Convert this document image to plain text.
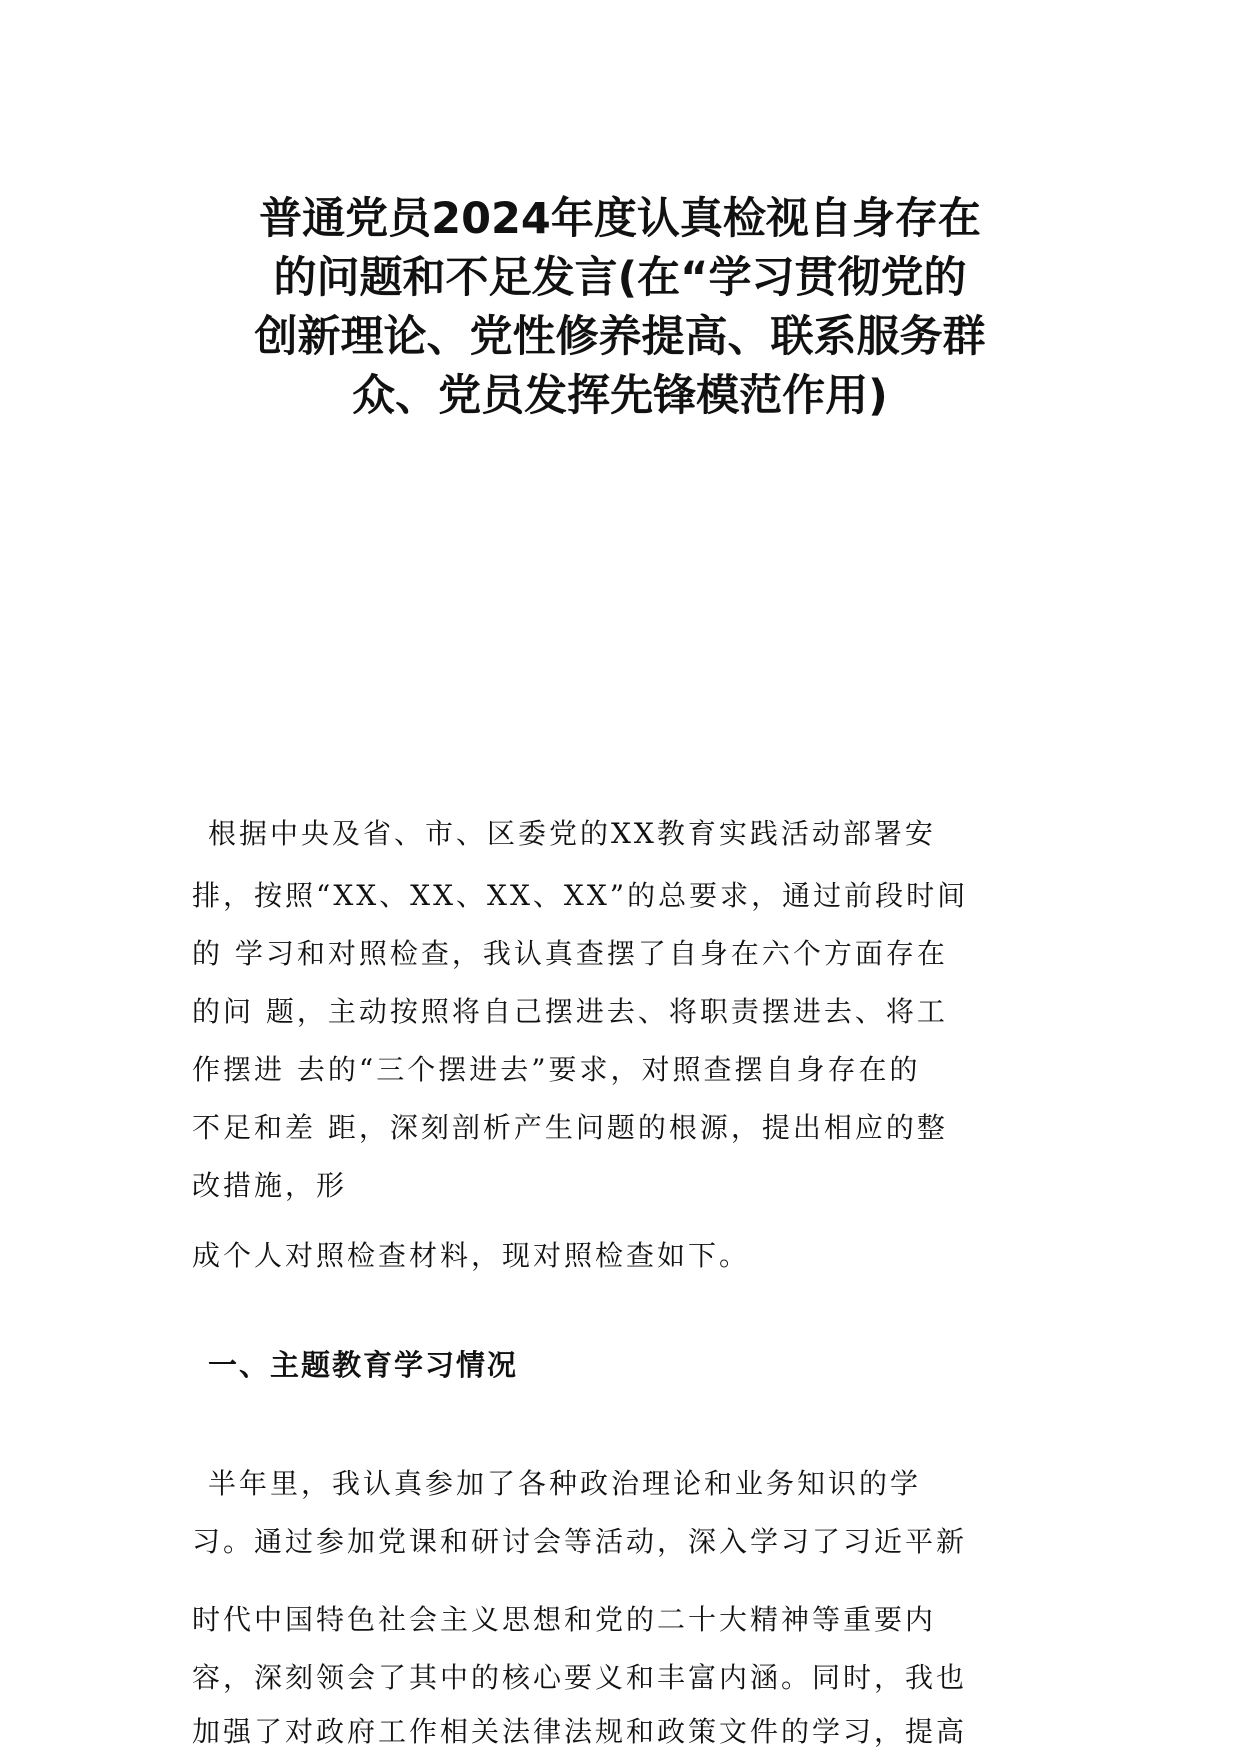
普通党员2024年度认真检视自身存在
的问题和不足发言(在“学习贯彻党的
创新理论、党性修养提高、联系服务群
众、党员发挥先锋模范作用)
根据中央及省、市、区委党的XX教育实践活动部署安
排，按照“XX、XX、XX、XX”的总要求，通过前段时间
的 学习和对照检查，我认真查摆了自身在六个方面存在
的问 题，主动按照将自己摆进去、将职责摆进去、将工
作摆进 去的“三个摆进去”要求，对照查摆自身存在的
不足和差 距，深刻剖析产生问题的根源，提出相应的整
改措施，形
成个人对照检查材料，现对照检查如下。
一、主题教育学习情况
半年里，我认真参加了各种政治理论和业务知识的学
习。通过参加党课和研讨会等活动，深入学习了习近平新
时代中国特色社会主义思想和党的二十大精神等重要内
容，深刻领会了其中的核心要义和丰富内涵。同时，我也
加强了对政府工作相关法律法规和政策文件的学习，提高
